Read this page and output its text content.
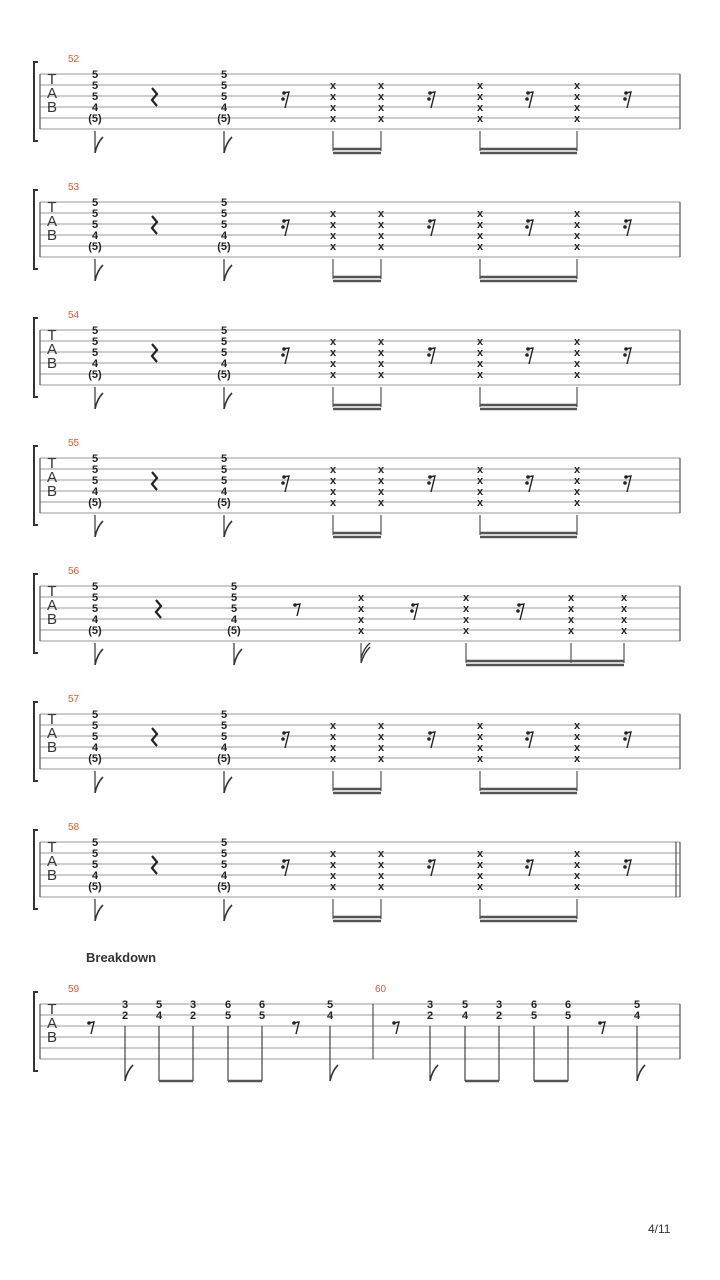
Breakdown
4/11
T
A
B
52
5
5
5
4
(5)
5
5
5
4
(5)
x
x
x
x
x
x
x
x
x
x
x
x
x
x
x
x
T
A
B
53
5
5
5
4
(5)
5
5
5
4
(5)
x
x
x
x
x
x
x
x
x
x
x
x
x
x
x
x
T
A
B
54
5
5
5
4
(5)
5
5
5
4
(5)
x
x
x
x
x
x
x
x
x
x
x
x
x
x
x
x
T
A
B
55
5
5
5
4
(5)
5
5
5
4
(5)
x
x
x
x
x
x
x
x
x
x
x
x
x
x
x
x
T
A
B
56
5
5
5
4
(5)
5
5
5
4
(5)
x
x
x
x
x
x
x
x
x
x
x
x
x
x
x
x
T
A
B
57
5
5
5
4
(5)
5
5
5
4
(5)
x
x
x
x
x
x
x
x
x
x
x
x
x
x
x
x
T
A
B
58
5
5
5
4
(5)
5
5
5
4
(5)
x
x
x
x
x
x
x
x
x
x
x
x
x
x
x
x
T
A
B
59	60
3
2
5
4
3
2
6
5
6
5
5
4
3
2
5
4
3
2
6
5
6
5
5
4
